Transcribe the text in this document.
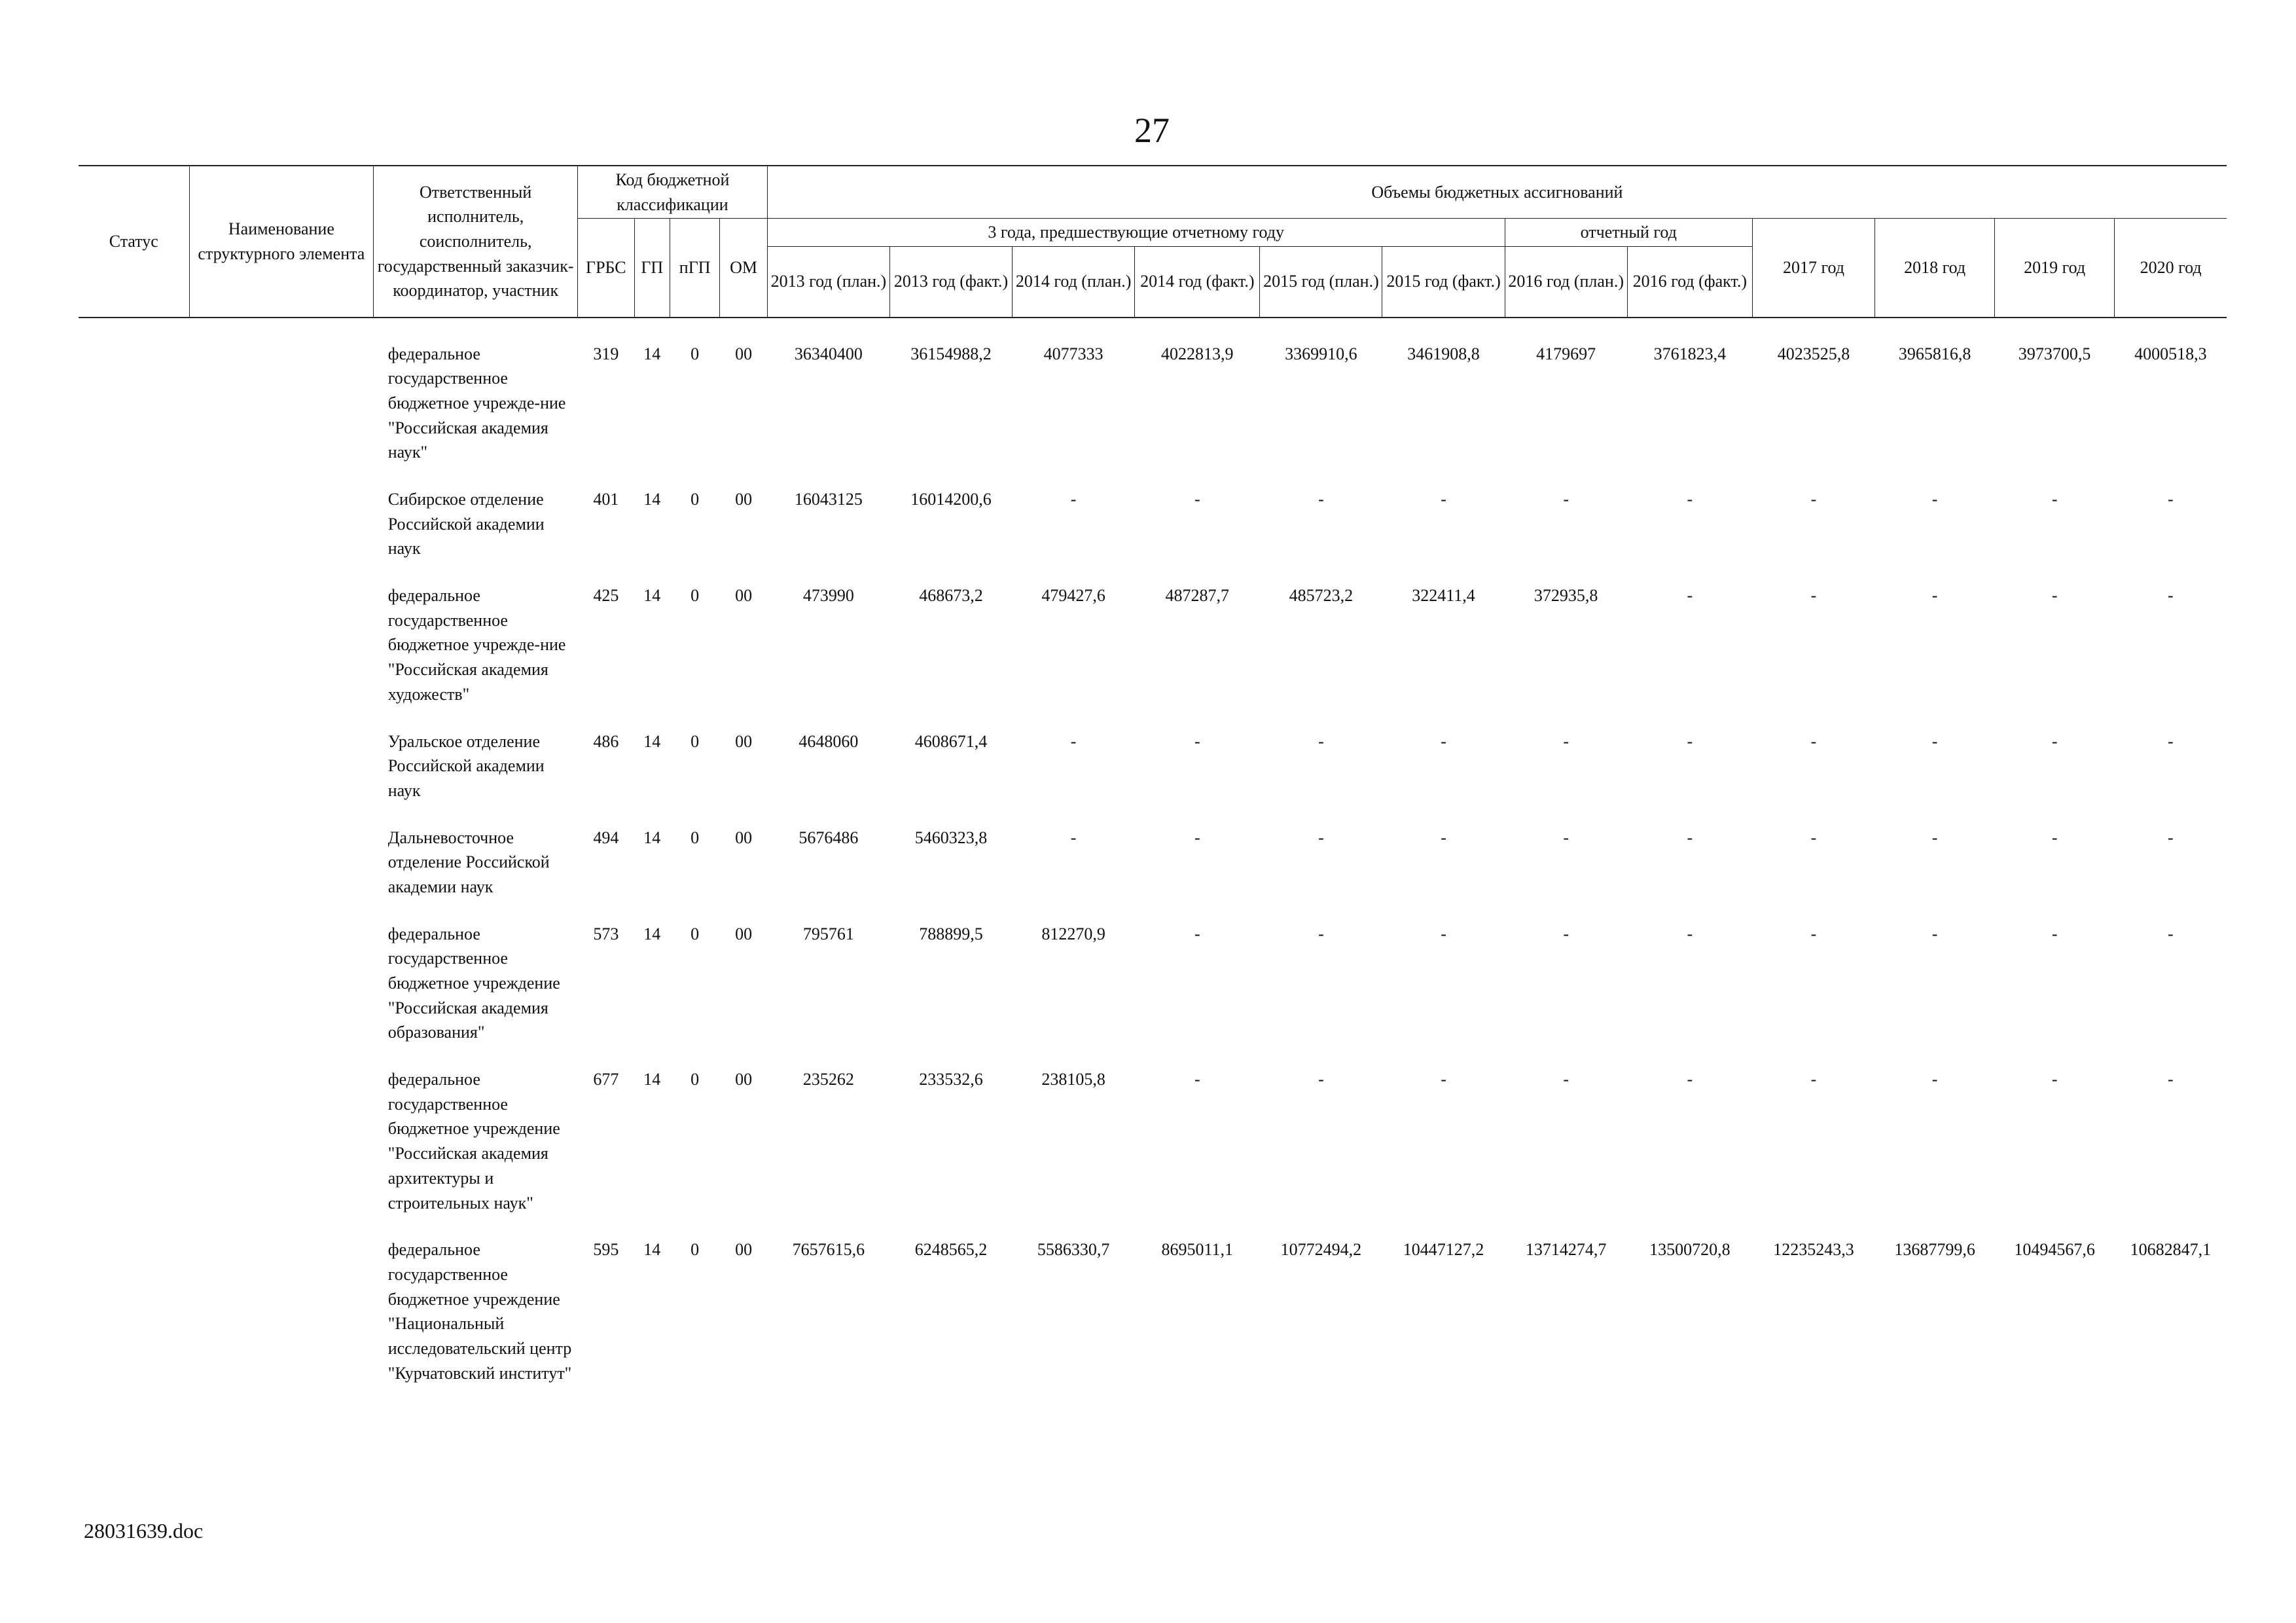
27
Статус	Наименование структурного элемента	Ответственный исполнитель, соисполнитель, государственный заказчик-координатор, участник	Код бюджетной классификации				Объемы бюджетных ассигнований											
			ГРБС	ГП	пГП	ОМ	3 года, предшествующие отчетному году						отчетный год		2017 год	2018 год	2019 год	2020 год
							2013 год (план.)	2013 год (факт.)	2014 год (план.)	2014 год (факт.)	2015 год (план.)	2015 год (факт.)	2016 год (план.)	2016 год (факт.)				
		федеральное государственное бюджетное учрежде-ние "Российская академия наук"	319	14	0	00	36340400	36154988,2	4077333	4022813,9	3369910,6	3461908,8	4179697	3761823,4	4023525,8	3965816,8	3973700,5	4000518,3
		Сибирское отделение Российской академии наук	401	14	0	00	16043125	16014200,6	-	-	-	-	-	-	-	-	-	-
		федеральное государственное бюджетное учрежде-ние "Российская академия художеств"	425	14	0	00	473990	468673,2	479427,6	487287,7	485723,2	322411,4	372935,8	-	-	-	-	-
		Уральское отделение Российской академии наук	486	14	0	00	4648060	4608671,4	-	-	-	-	-	-	-	-	-	-
		Дальневосточное отделение Российской академии наук	494	14	0	00	5676486	5460323,8	-	-	-	-	-	-	-	-	-	-
		федеральное государственное бюджетное учреждение "Российская академия образования"	573	14	0	00	795761	788899,5	812270,9	-	-	-	-	-	-	-	-	-
		федеральное государственное бюджетное учреждение "Российская академия архитектуры и строительных наук"	677	14	0	00	235262	233532,6	238105,8	-	-	-	-	-	-	-	-	-
		федеральное государственное бюджетное учреждение "Национальный исследовательский центр "Курчатовский институт"	595	14	0	00	7657615,6	6248565,2	5586330,7	8695011,1	10772494,2	10447127,2	13714274,7	13500720,8	12235243,3	13687799,6	10494567,6	10682847,1
28031639.doc
